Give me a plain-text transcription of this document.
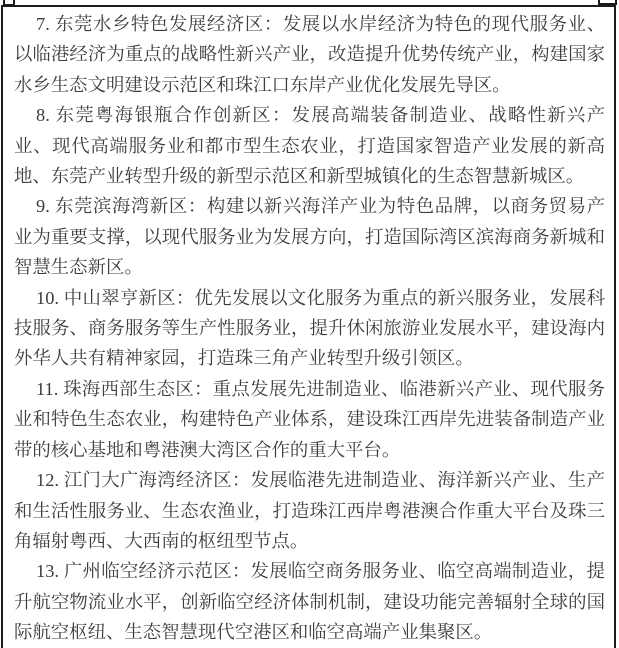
7. 东莞水乡特色发展经济区：发展以水岸经济为特色的现代服务业、以临港经济为重点的战略性新兴产业，改造提升优势传统产业，构建国家水乡生态文明建设示范区和珠江口东岸产业优化发展先导区。

8. 东莞粤海银瓶合作创新区：发展高端装备制造业、战略性新兴产业、现代高端服务业和都市型生态农业，打造国家智造产业发展的新高地、东莞产业转型升级的新型示范区和新型城镇化的生态智慧新城区。

9. 东莞滨海湾新区：构建以新兴海洋产业为特色品牌，以商务贸易产业为重要支撑，以现代服务业为发展方向，打造国际湾区滨海商务新城和智慧生态新区。

10. 中山翠亨新区：优先发展以文化服务为重点的新兴服务业，发展科技服务、商务服务等生产性服务业，提升休闲旅游业发展水平，建设海内外华人共有精神家园，打造珠三角产业转型升级引领区。

11. 珠海西部生态区：重点发展先进制造业、临港新兴产业、现代服务业和特色生态农业，构建特色产业体系，建设珠江西岸先进装备制造产业带的核心基地和粤港澳大湾区合作的重大平台。

12. 江门大广海湾经济区：发展临港先进制造业、海洋新兴产业、生产和生活性服务业、生态农渔业，打造珠江西岸粤港澳合作重大平台及珠三角辐射粤西、大西南的枢纽型节点。

13. 广州临空经济示范区：发展临空商务服务业、临空高端制造业，提升航空物流业水平，创新临空经济体制机制，建设功能完善辐射全球的国际航空枢纽、生态智慧现代空港区和临空高端产业集聚区。
